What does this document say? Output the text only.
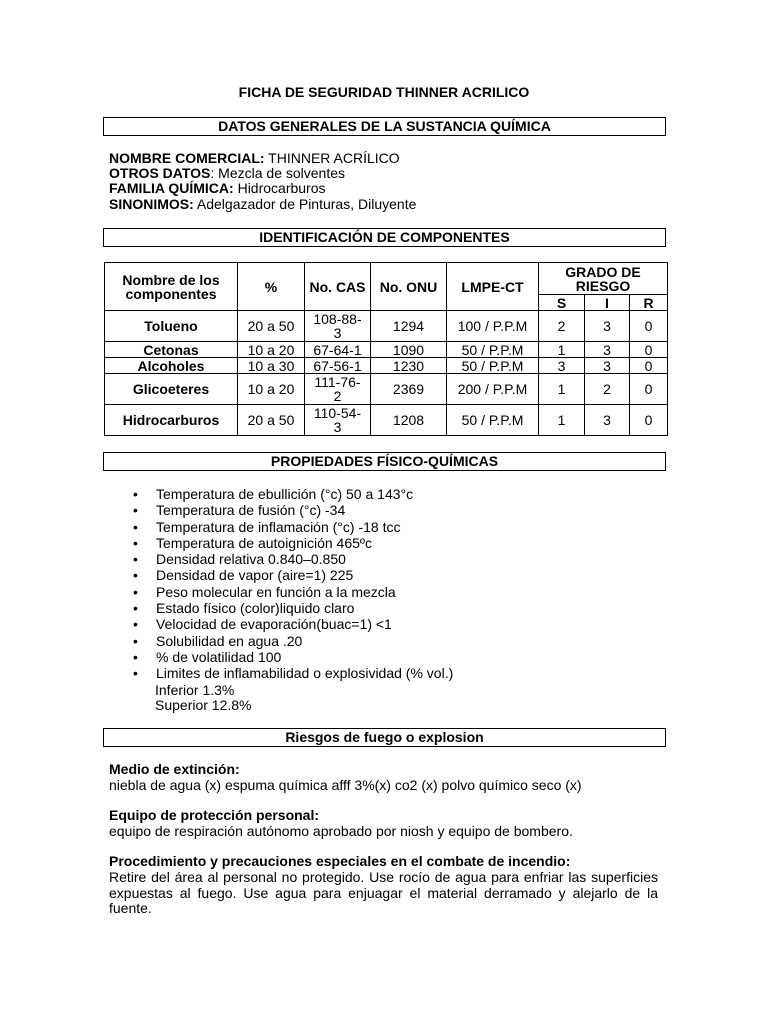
FICHA DE SEGURIDAD THINNER ACRILICO
DATOS GENERALES DE LA SUSTANCIA QUÍMICA
NOMBRE COMERCIAL: THINNER ACRÍLICO
OTROS DATOS: Mezcla de solventes
FAMILIA QUÍMICA: Hidrocarburos
SINONIMOS: Adelgazador de Pinturas, Diluyente
IDENTIFICACIÓN DE COMPONENTES
Nombre de los componentes	%	No. CAS	No. ONU	LMPE-CT	GRADO DE RIESGO		
					S	I	R
Tolueno	20 a 50	108-88-3	1294	100 / P.P.M	2	3	0
Cetonas	10 a 20	67-64-1	1090	50 / P.P.M	1	3	0
Alcoholes	10 a 30	67-56-1	1230	50 / P.P.M	3	3	0
Glicoeteres	10 a 20	111-76-2	2369	200 / P.P.M	1	2	0
Hidrocarburos	20 a 50	110-54-3	1208	50 / P.P.M	1	3	0
PROPIEDADES FÍSICO-QUÍMICAS
• Temperatura de ebullición (°c) 50 a 143°c
• Temperatura de fusión (°c) -34
• Temperatura de inflamación (°c) -18 tcc
• Temperatura de autoignición 465ºc
• Densidad relativa 0.840–0.850
• Densidad de vapor (aire=1) 225
• Peso molecular en función a la mezcla
• Estado físico (color)liquido claro
• Velocidad de evaporación(buac=1) <1
• Solubilidad en agua .20
• % de volatilidad 100
• Limites de inflamabilidad o explosividad (% vol.)
Inferior 1.3%
Superior 12.8%
Riesgos de fuego o explosion
Medio de extinción:
niebla de agua (x) espuma química afff 3%(x) co2 (x) polvo químico seco (x)
Equipo de protección personal:
equipo de respiración autónomo aprobado por niosh y equipo de bombero.
Procedimiento y precauciones especiales en el combate de incendio:
Retire del área al personal no protegido. Use rocío de agua para enfriar las superficies expuestas al fuego. Use agua para enjuagar el material derramado y alejarlo de la fuente.
